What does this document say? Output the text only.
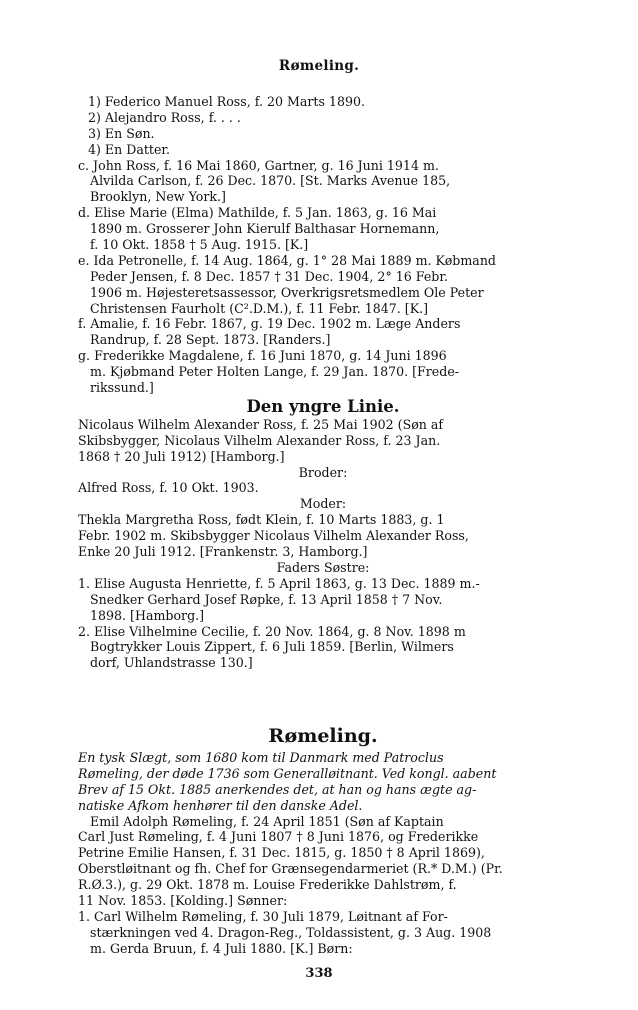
Rømeling.
1) Federico Manuel Ross, f. 20 Marts 1890.
2) Alejandro Ross, f. . . .
3) En Søn.
4) En Datter.
c. John Ross, f. 16 Mai 1860, Gartner, g. 16 Juni 1914 m.
Alvilda Carlson, f. 26 Dec. 1870. [St. Marks Avenue 185,
Brooklyn, New York.]
d. Elise Marie (Elma) Mathilde, f. 5 Jan. 1863, g. 16 Mai
1890 m. Grosserer John Kierulf Balthasar Hornemann,
f. 10 Okt. 1858 † 5 Aug. 1915. [K.]
e. Ida Petronelle, f. 14 Aug. 1864, g. 1° 28 Mai 1889 m. Købmand
Peder Jensen, f. 8 Dec. 1857 † 31 Dec. 1904, 2° 16 Febr.
1906 m. Højesteretsassessor, Overkrigsretsmedlem Ole Peter
Christensen Faurholt (C².D.M.), f. 11 Febr. 1847. [K.]
f. Amalie, f. 16 Febr. 1867, g. 19 Dec. 1902 m. Læge Anders
Randrup, f. 28 Sept. 1873. [Randers.]
g. Frederikke Magdalene, f. 16 Juni 1870, g. 14 Juni 1896
m. Kjøbmand Peter Holten Lange, f. 29 Jan. 1870. [Frede-
rikssund.]
Den yngre Linie.
Nicolaus Wilhelm Alexander Ross, f. 25 Mai 1902 (Søn af
Skibsbygger, Nicolaus Vilhelm Alexander Ross, f. 23 Jan.
1868 † 20 Juli 1912) [Hamborg.]
Broder:
Alfred Ross, f. 10 Okt. 1903.
Moder:
Thekla Margretha Ross, født Klein, f. 10 Marts 1883, g. 1
Febr. 1902 m. Skibsbygger Nicolaus Vilhelm Alexander Ross,
Enke 20 Juli 1912. [Frankenstr. 3, Hamborg.]
Faders Søstre:
1. Elise Augusta Henriette, f. 5 April 1863, g. 13 Dec. 1889 m.-
Snedker Gerhard Josef Røpke, f. 13 April 1858 † 7 Nov.
1898. [Hamborg.]
2. Elise Vilhelmine Cecilie, f. 20 Nov. 1864, g. 8 Nov. 1898 m
Bogtrykker Louis Zippert, f. 6 Juli 1859. [Berlin, Wilmers
dorf, Uhlandstrasse 130.]
Rømeling.
En tysk Slægt, som 1680 kom til Danmark med Patroclus
Rømeling, der døde 1736 som Generalløitnant. Ved kongl. aabent
Brev af 15 Okt. 1885 anerkendes det, at han og hans ægte ag-
natiske Afkom henhører til den danske Adel.
Emil Adolph Rømeling, f. 24 April 1851 (Søn af Kaptain
Carl Just Rømeling, f. 4 Juni 1807 † 8 Juni 1876, og Frederikke
Petrine Emilie Hansen, f. 31 Dec. 1815, g. 1850 † 8 April 1869),
Oberstløitnant og fh. Chef for Grænsegendarmeriet (R.* D.M.) (Pr.
R.Ø.3.), g. 29 Okt. 1878 m. Louise Frederikke Dahlstrøm, f.
11 Nov. 1853. [Kolding.] Sønner:
1. Carl Wilhelm Rømeling, f. 30 Juli 1879, Løitnant af For-
stærkningen ved 4. Dragon-Reg., Toldassistent, g. 3 Aug. 1908
m. Gerda Bruun, f. 4 Juli 1880. [K.] Børn:
338
